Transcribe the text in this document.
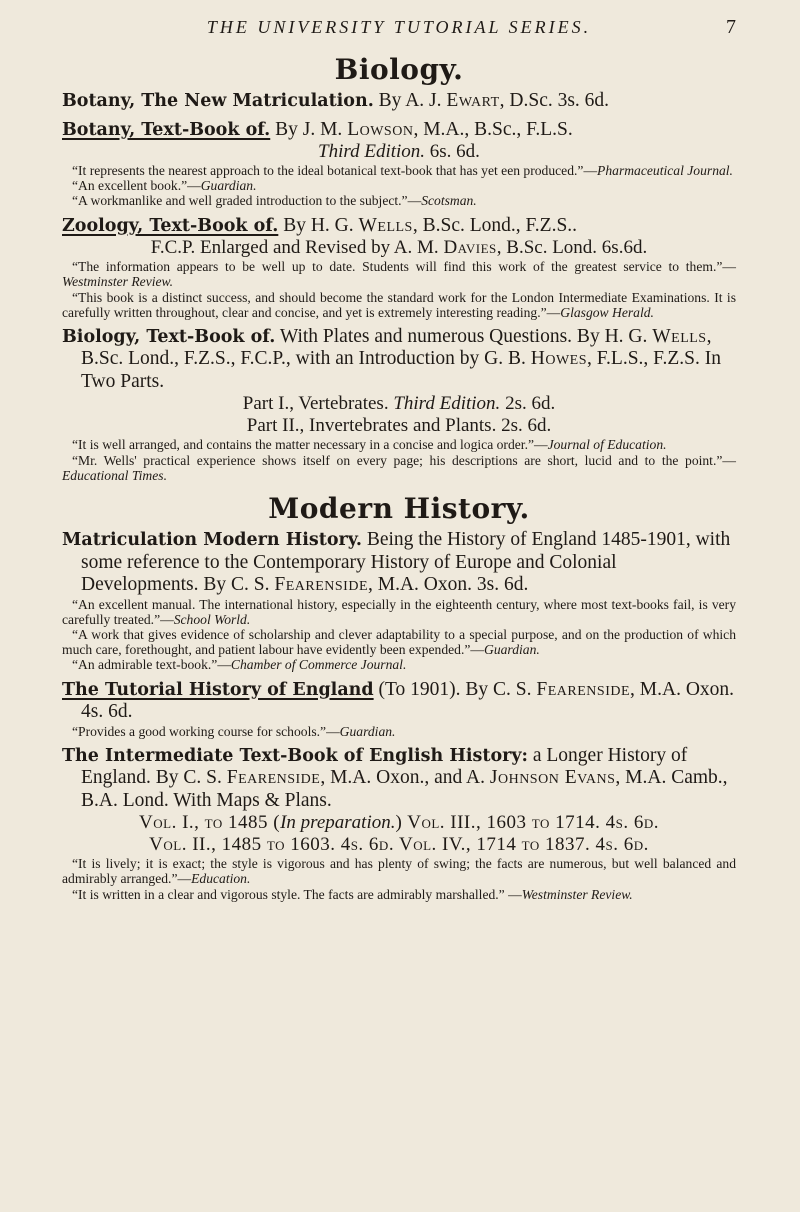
THE UNIVERSITY TUTORIAL SERIES.	7
Biology.
Botany, The New Matriculation. By A. J. Ewart, D.Sc. 3s. 6d.
Botany, Text-Book of. By J. M. Lowson, M.A., B.Sc., F.L.S.
Third Edition. 6s. 6d.

“It represents the nearest approach to the ideal botanical text-book that has yet een produced.”—Pharmaceutical Journal.

“An excellent book.”—Guardian.

“A workmanlike and well graded introduction to the subject.”—Scotsman.

Zoology, Text-Book of. By H. G. Wells, B.Sc. Lond., F.Z.S..
F.C.P. Enlarged and Revised by A. M. Davies, B.Sc. Lond. 6s.6d.

“The information appears to be well up to date. Students will find this work of the greatest service to them.”—Westminster Review.

“This book is a distinct success, and should become the standard work for the London Intermediate Examinations. It is carefully written throughout, clear and concise, and yet is extremely interesting reading.”—Glasgow Herald.

Biology, Text-Book of. With Plates and numerous Questions. By H. G. Wells, B.Sc. Lond., F.Z.S., F.C.P., with an Introduction by G. B. Howes, F.L.S., F.Z.S. In Two Parts.
Part I., Vertebrates. Third Edition. 2s. 6d.
Part II., Invertebrates and Plants. 2s. 6d.

“It is well arranged, and contains the matter necessary in a concise and logica order.”—Journal of Education.

“Mr. Wells' practical experience shows itself on every page; his descriptions are short, lucid and to the point.”—Educational Times.

Modern History.
Matriculation Modern History. Being the History of England 1485-1901, with some reference to the Contemporary History of Europe and Colonial Developments. By C. S. Fearenside, M.A. Oxon. 3s. 6d.

“An excellent manual. The international history, especially in the eighteenth century, where most text-books fail, is very carefully treated.”—School World.

“A work that gives evidence of scholarship and clever adaptability to a special purpose, and on the production of which much care, forethought, and patient labour have evidently been expended.”—Guardian.

“An admirable text-book.”—Chamber of Commerce Journal.

The Tutorial History of England (To 1901). By C. S. Fearenside, M.A. Oxon. 4s. 6d.

“Provides a good working course for schools.”—Guardian.

The Intermediate Text-Book of English History: a Longer History of England. By C. S. Fearenside, M.A. Oxon., and A. Johnson Evans, M.A. Camb., B.A. Lond. With Maps & Plans.
Vol. I., to 1485 (In preparation.) Vol. III., 1603 to 1714. 4s. 6d.
Vol. II., 1485 to 1603. 4s. 6d. Vol. IV., 1714 to 1837. 4s. 6d.

“It is lively; it is exact; the style is vigorous and has plenty of swing; the facts are numerous, but well balanced and admirably arranged.”—Education.

“It is written in a clear and vigorous style. The facts are admirably marshalled.” —Westminster Review.
